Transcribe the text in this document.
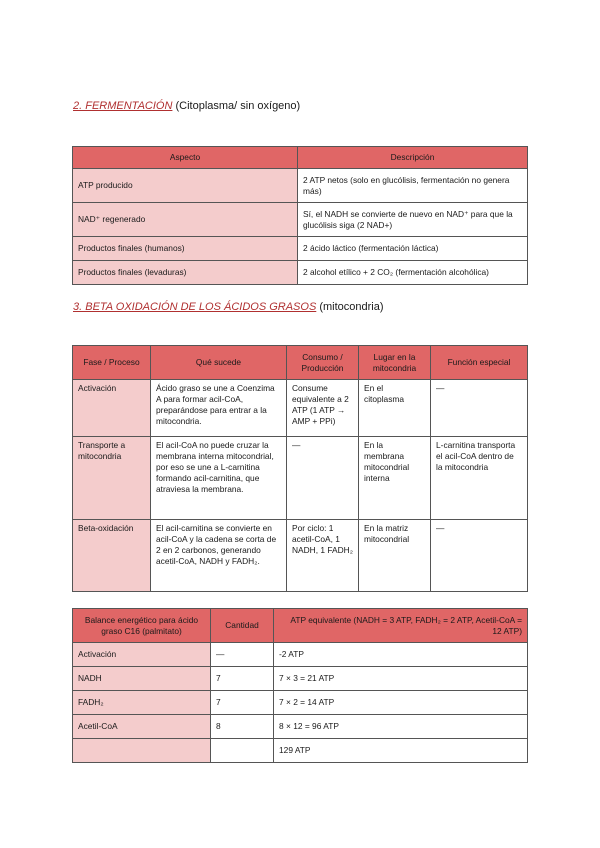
2. FERMENTACIÓN (Citoplasma/ sin oxígeno)
Aspecto	Descripción
ATP producido	2 ATP netos (solo en glucólisis, fermentación no genera más)
NAD⁺ regenerado	Sí, el NADH se convierte de nuevo en NAD⁺ para que la glucólisis siga (2 NAD+)
Productos finales (humanos)	2 ácido láctico (fermentación láctica)
Productos finales (levaduras)	2 alcohol etílico + 2 CO₂ (fermentación alcohólica)
3. BETA OXIDACIÓN DE LOS ÁCIDOS GRASOS (mitocondria)
Fase / Proceso	Qué sucede	Consumo / Producción	Lugar en la mitocondria	Función especial
Activación	Ácido graso se une a Coenzima A para formar acil-CoA, preparándose para entrar a la mitocondria.	Consume equivalente a 2 ATP (1 ATP → AMP + PPi)	En el citoplasma	—
Transporte a mitocondria	El acil-CoA no puede cruzar la membrana interna mitocondrial, por eso se une a L-carnitina formando acil-carnitina, que atraviesa la membrana.	—	En la membrana mitocondrial interna	L-carnitina transporta el acil-CoA dentro de la mitocondria
Beta-oxidación	El acil-carnitina se convierte en acil-CoA y la cadena se corta de 2 en 2 carbonos, generando acetil-CoA, NADH y FADH₂.	Por ciclo: 1 acetil-CoA, 1 NADH, 1 FADH₂	En la matriz mitocondrial	—
Balance energético para ácido graso C16 (palmitato)	Cantidad	ATP equivalente (NADH = 3 ATP, FADH₂ = 2 ATP, Acetil-CoA = 12 ATP)
Activación	—	-2 ATP
NADH	7	7 × 3 = 21 ATP
FADH₂	7	7 × 2 = 14 ATP
Acetil-CoA	8	8 × 12 = 96 ATP
		129 ATP
